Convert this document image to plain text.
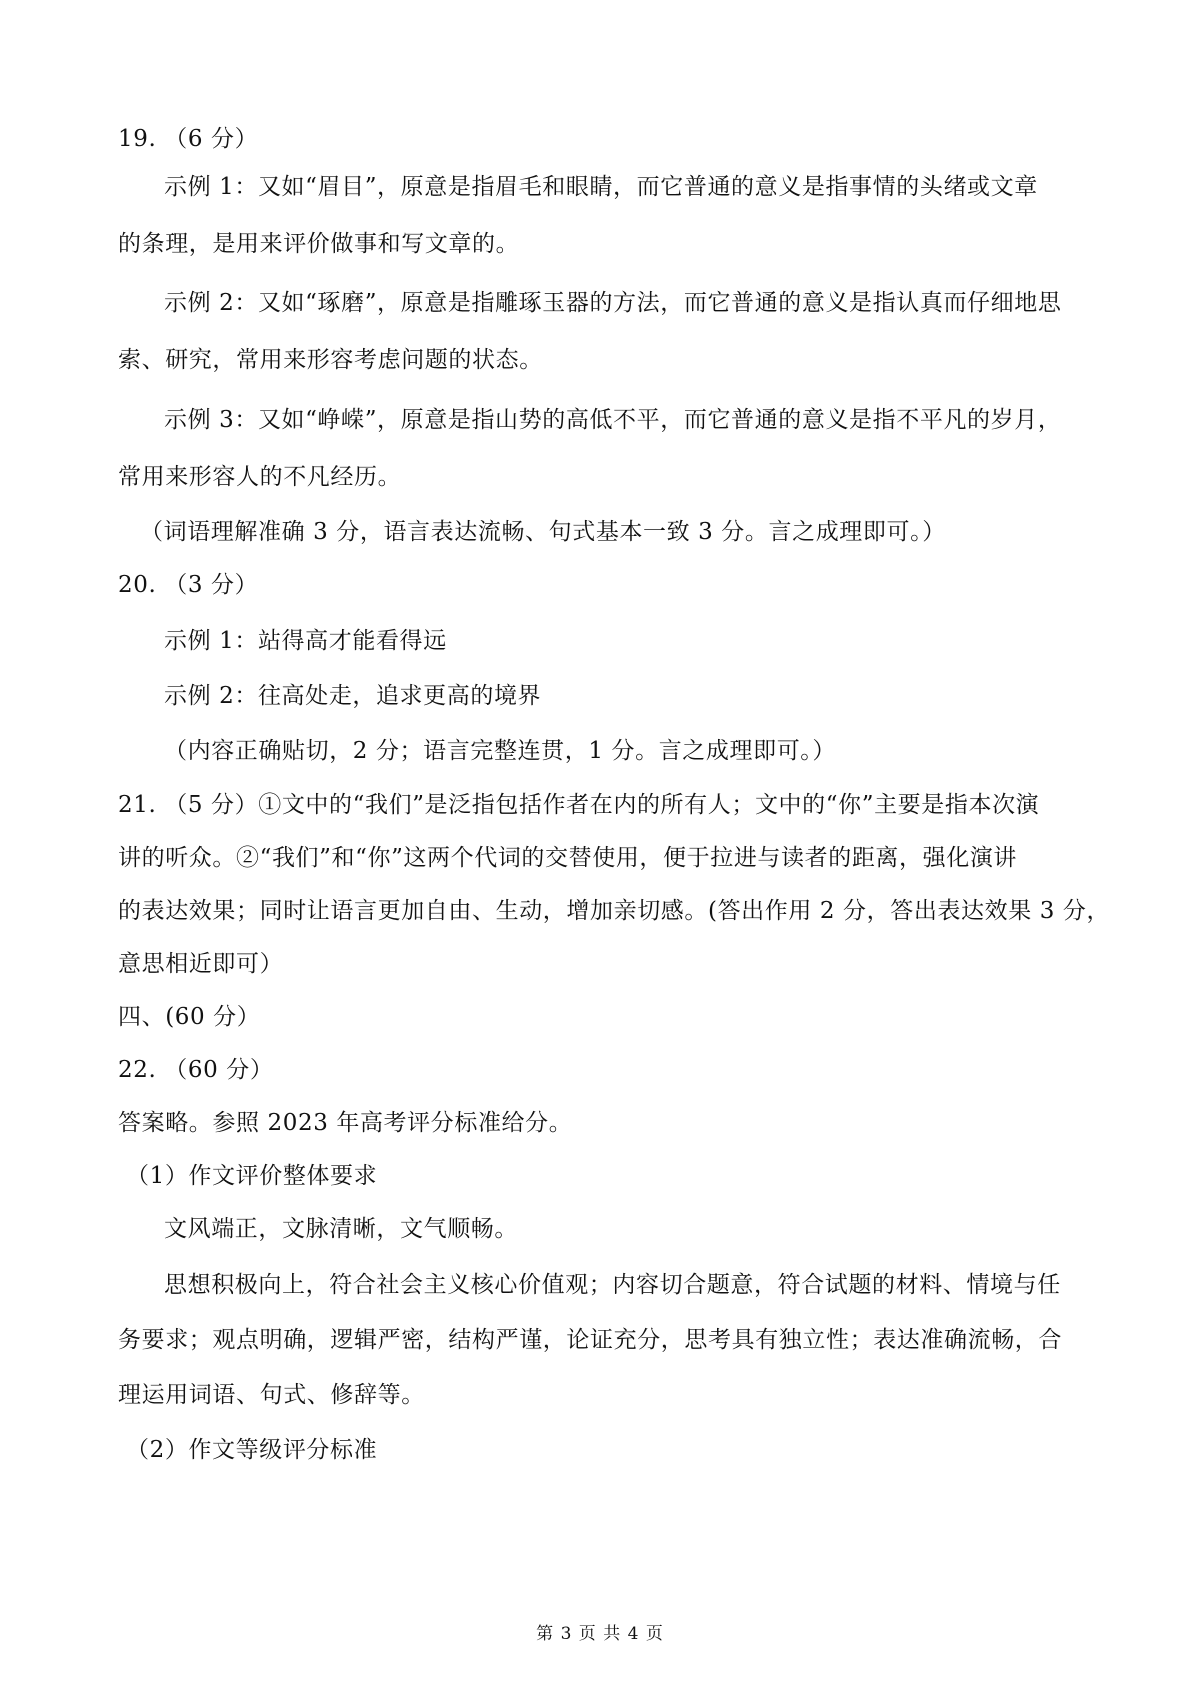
19. （6 分）
示例 1：又如“眉目”，原意是指眉毛和眼睛，而它普通的意义是指事情的头绪或文章
的条理，是用来评价做事和写文章的。
示例 2：又如“琢磨”，原意是指雕琢玉器的方法，而它普通的意义是指认真而仔细地思
索、研究，常用来形容考虑问题的状态。
示例 3：又如“峥嵘”，原意是指山势的高低不平，而它普通的意义是指不平凡的岁月，
常用来形容人的不凡经历。
（词语理解准确 3 分，语言表达流畅、句式基本一致 3 分。言之成理即可。）
20. （3 分）
示例 1：站得高才能看得远
示例 2：往高处走，追求更高的境界
（内容正确贴切，2 分；语言完整连贯，1 分。言之成理即可。）
21. （5 分）①文中的“我们”是泛指包括作者在内的所有人；文中的“你”主要是指本次演
讲的听众。②“我们”和“你”这两个代词的交替使用，便于拉进与读者的距离，强化演讲
的表达效果；同时让语言更加自由、生动，增加亲切感。(答出作用 2 分，答出表达效果 3 分，
意思相近即可）
四、(60 分）
22. （60 分）
答案略。参照 2023 年高考评分标准给分。
（1）作文评价整体要求
文风端正，文脉清晰，文气顺畅。
思想积极向上，符合社会主义核心价值观；内容切合题意，符合试题的材料、情境与任
务要求；观点明确，逻辑严密，结构严谨，论证充分，思考具有独立性；表达准确流畅，合
理运用词语、句式、修辞等。
（2）作文等级评分标准
第 3 页 共 4 页
